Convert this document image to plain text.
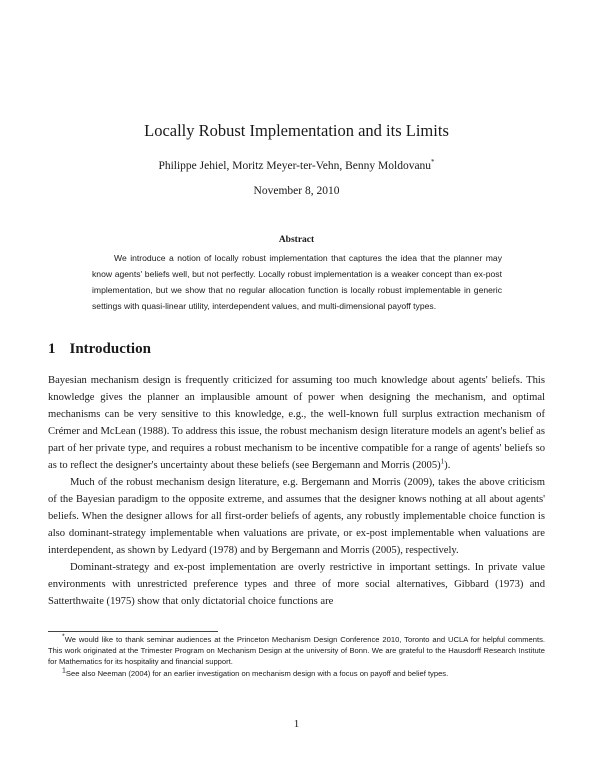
Locally Robust Implementation and its Limits
Philippe Jehiel, Moritz Meyer-ter-Vehn, Benny Moldovanu*
November 8, 2010
Abstract
We introduce a notion of locally robust implementation that captures the idea that the planner may know agents' beliefs well, but not perfectly. Locally robust implementation is a weaker concept than ex-post implementation, but we show that no regular allocation function is locally robust implementable in generic settings with quasi-linear utility, interdependent values, and multi-dimensional payoff types.
1 Introduction

Bayesian mechanism design is frequently criticized for assuming too much knowledge about agents' beliefs. This knowledge gives the planner an implausible amount of power when designing the mechanism, and optimal mechanisms can be very sensitive to this knowledge, e.g., the well-known full surplus extraction mechanism of Crémer and McLean (1988). To address this issue, the robust mechanism design literature models an agent's belief as part of her private type, and requires a robust mechanism to be incentive compatible for a range of agents' beliefs so as to reflect the designer's uncertainty about these beliefs (see Bergemann and Morris $(2005)^1$).

Much of the robust mechanism design literature, e.g. Bergemann and Morris (2009), takes the above criticism of the Bayesian paradigm to the opposite extreme, and assumes that the designer knows nothing at all about agents' beliefs. When the designer allows for all first-order beliefs of agents, any robustly implementable choice function is also dominant-strategy implementable when valuations are private, or ex-post implementable when valuations are interdependent, as shown by Ledyard (1978) and by Bergemann and Morris (2005), respectively.

Dominant-strategy and ex-post implementation are overly restrictive in important settings. In private value environments with unrestricted preference types and three of more social alternatives, Gibbard (1973) and Satterthwaite (1975) show that only dictatorial choice functions are

*We would like to thank seminar audiences at the Princeton Mechanism Design Conference 2010, Toronto and UCLA for helpful comments. This work originated at the Trimester Program on Mechanism Design at the university of Bonn. We are grateful to the Hausdorff Research Institute for Mathematics for its hospitality and financial support.

$^1$See also Neeman (2004) for an earlier investigation on mechanism design with a focus on payoff and belief types.

1
